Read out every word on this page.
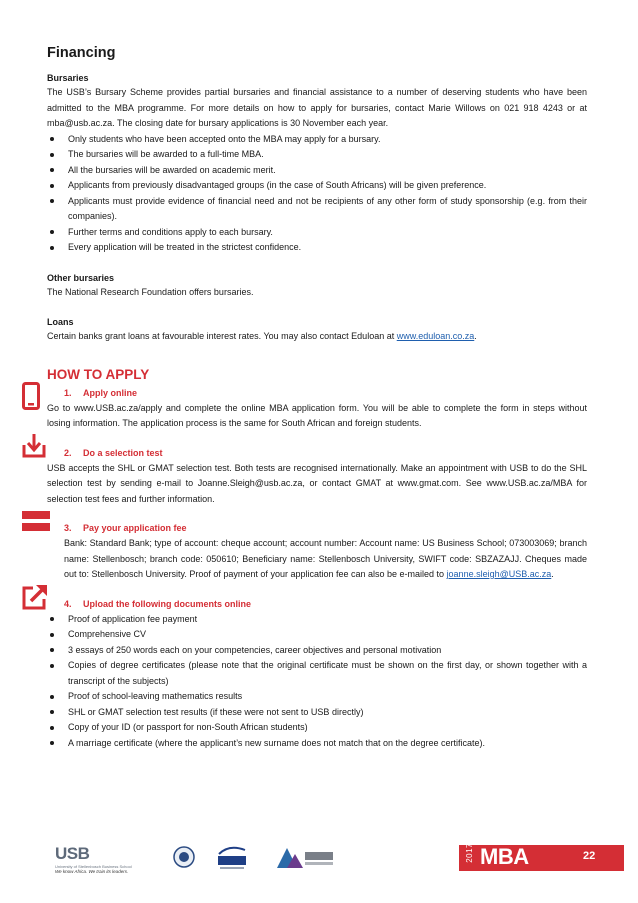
Financing

Bursaries

The USB’s Bursary Scheme provides partial bursaries and financial assistance to a number of deserving students who have been admitted to the MBA programme. For more details on how to apply for bursaries, contact Marie Willows on 021 918 4243 or at mba@usb.ac.za. The closing date for bursary applications is 30 November each year.

Only students who have been accepted onto the MBA may apply for a bursary.
The bursaries will be awarded to a full-time MBA.
All the bursaries will be awarded on academic merit.
Applicants from previously disadvantaged groups (in the case of South Africans) will be given preference.
Applicants must provide evidence of financial need and not be recipients of any other form of study sponsorship (e.g. from their companies).
Further terms and conditions apply to each bursary.
Every application will be treated in the strictest confidence.

Other bursaries

The National Research Foundation offers bursaries.

Loans

Certain banks grant loans at favourable interest rates. You may also contact Eduloan at www.eduloan.co.za.

HOW TO APPLY
1. Apply online
Go to www.USB.ac.za/apply and complete the online MBA application form. You will be able to complete the form in steps without losing information. The application process is the same for South African and foreign students.
2. Do a selection test
USB accepts the SHL or GMAT selection test. Both tests are recognised internationally. Make an appointment with USB to do the SHL selection test by sending e-mail to Joanne.Sleigh@usb.ac.za, or contact GMAT at www.gmat.com. See www.USB.ac.za/MBA for selection test fees and further information.
3. Pay your application fee
Bank: Standard Bank; type of account: cheque account; account number: Account name: US Business School; 073003069; branch name: Stellenbosch; branch code: 050610; Beneficiary name: Stellenbosch University, SWIFT code: SBZAZAJJ. Cheques made out to: Stellenbosch University. Proof of payment of your application fee can also be e-mailed to joanne.sleigh@USB.ac.za.
4. Upload the following documents online
Proof of application fee payment
Comprehensive CV
3 essays of 250 words each on your competencies, career objectives and personal motivation
Copies of degree certificates (please note that the original certificate must be shown on the first day, or shown together with a transcript of the subjects)
Proof of school-leaving mathematics results
SHL or GMAT selection test results (if these were not sent to USB directly)
Copy of your ID (or passport for non-South African students)
A marriage certificate (where the applicant’s new surname does not match that on the degree certificate).
USB
University of Stellenbosch Business School
We know Africa. We train its leaders.
2017 MBA	22
